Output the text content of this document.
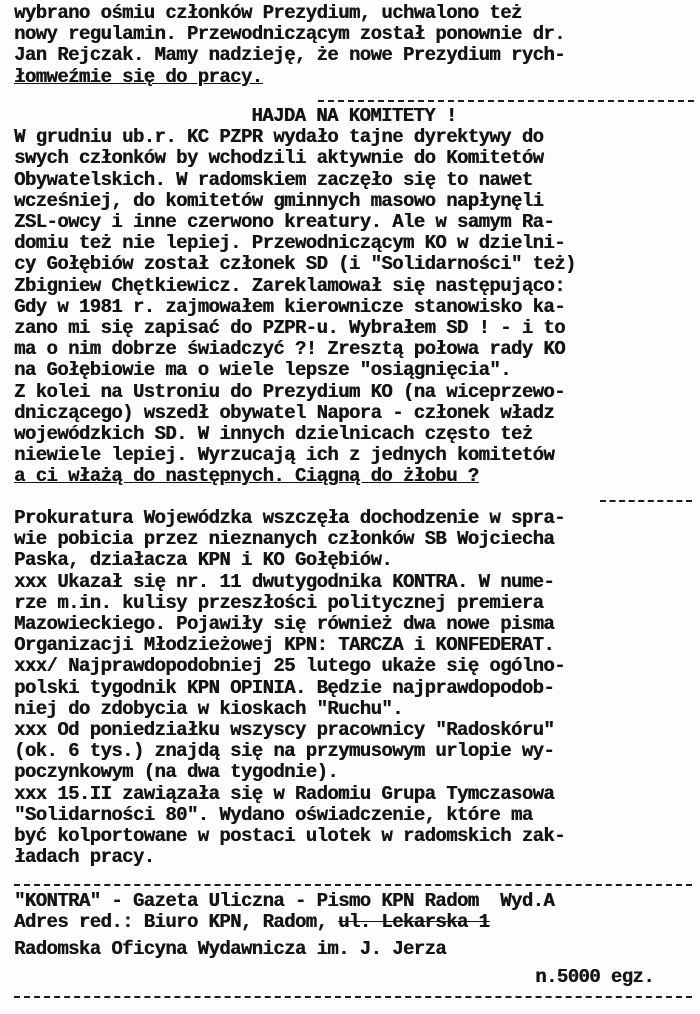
wybrano ośmiu członków Prezydium, uchwalono też
nowy regulamin. Przewodniczącym został ponownie dr.
Jan Rejczak. Mamy nadzieję, że nowe Prezydium rych-
łomweźmie się do pracy.
HAJDA NA KOMITETY !
W grudniu ub.r. KC PZPR wydało tajne dyrektywy do
swych członków by wchodzili aktywnie do Komitetów
Obywatelskich. W radomskiem zaczęło się to nawet
wcześniej, do komitetów gminnych masowo napłynęli
ZSL-owcy i inne czerwono kreatury. Ale w samym Ra-
domiu też nie lepiej. Przewodniczącym KO w dzielni-
cy Gołębiów został członek SD (i "Solidarności" też)
Zbigniew Chętkiewicz. Zareklamował się następująco:
Gdy w 1981 r. zajmowałem kierownicze stanowisko ka-
zano mi się zapisać do PZPR-u. Wybrałem SD ! - i to
ma o nim dobrze świadczyć ?! Zresztą połowa rady KO
na Gołębiowie ma o wiele lepsze "osiągnięcia".
Z kolei na Ustroniu do Prezydium KO (na wiceprzewo-
dniczącego) wszedł obywatel Napora - członek władz
wojewódzkich SD. W innych dzielnicach często też
niewiele lepiej. Wyrzucają ich z jednych komitetów
a ci włażą do następnych. Ciągną do żłobu ?
Prokuratura Wojewódzka wszczęła dochodzenie w spra-
wie pobicia przez nieznanych członków SB Wojciecha
Paska, działacza KPN i KO Gołębiów.
xxx Ukazał się nr. 11 dwutygodnika KONTRA. W nume-
rze m.in. kulisy przeszłości politycznej premiera
Mazowieckiego. Pojawiły się również dwa nowe pisma
Organizacji Młodzieżowej KPN: TARCZA i KONFEDERAT.
xxx/ Najprawdopodobniej 25 lutego ukaże się ogólno-
polski tygodnik KPN OPINIA. Będzie najprawdopodob-
niej do zdobycia w kioskach "Ruchu".
xxx Od poniedziałku wszyscy pracownicy "Radoskóru"
(ok. 6 tys.) znajdą się na przymusowym urlopie wy-
poczynkowym (na dwa tygodnie).
xxx 15.II zawiązała się w Radomiu Grupa Tymczasowa
"Solidarności 80". Wydano oświadczenie, które ma
być kolportowane w postaci ulotek w radomskich zak-
ładach pracy.
"KONTRA" - Gazeta Uliczna - Pismo KPN Radom  Wyd.A
Adres red.: Biuro KPN, Radom, ul. Lekarska 1
Radomska Oficyna Wydawnicza im. J. Jerza
n.5000 egz.
